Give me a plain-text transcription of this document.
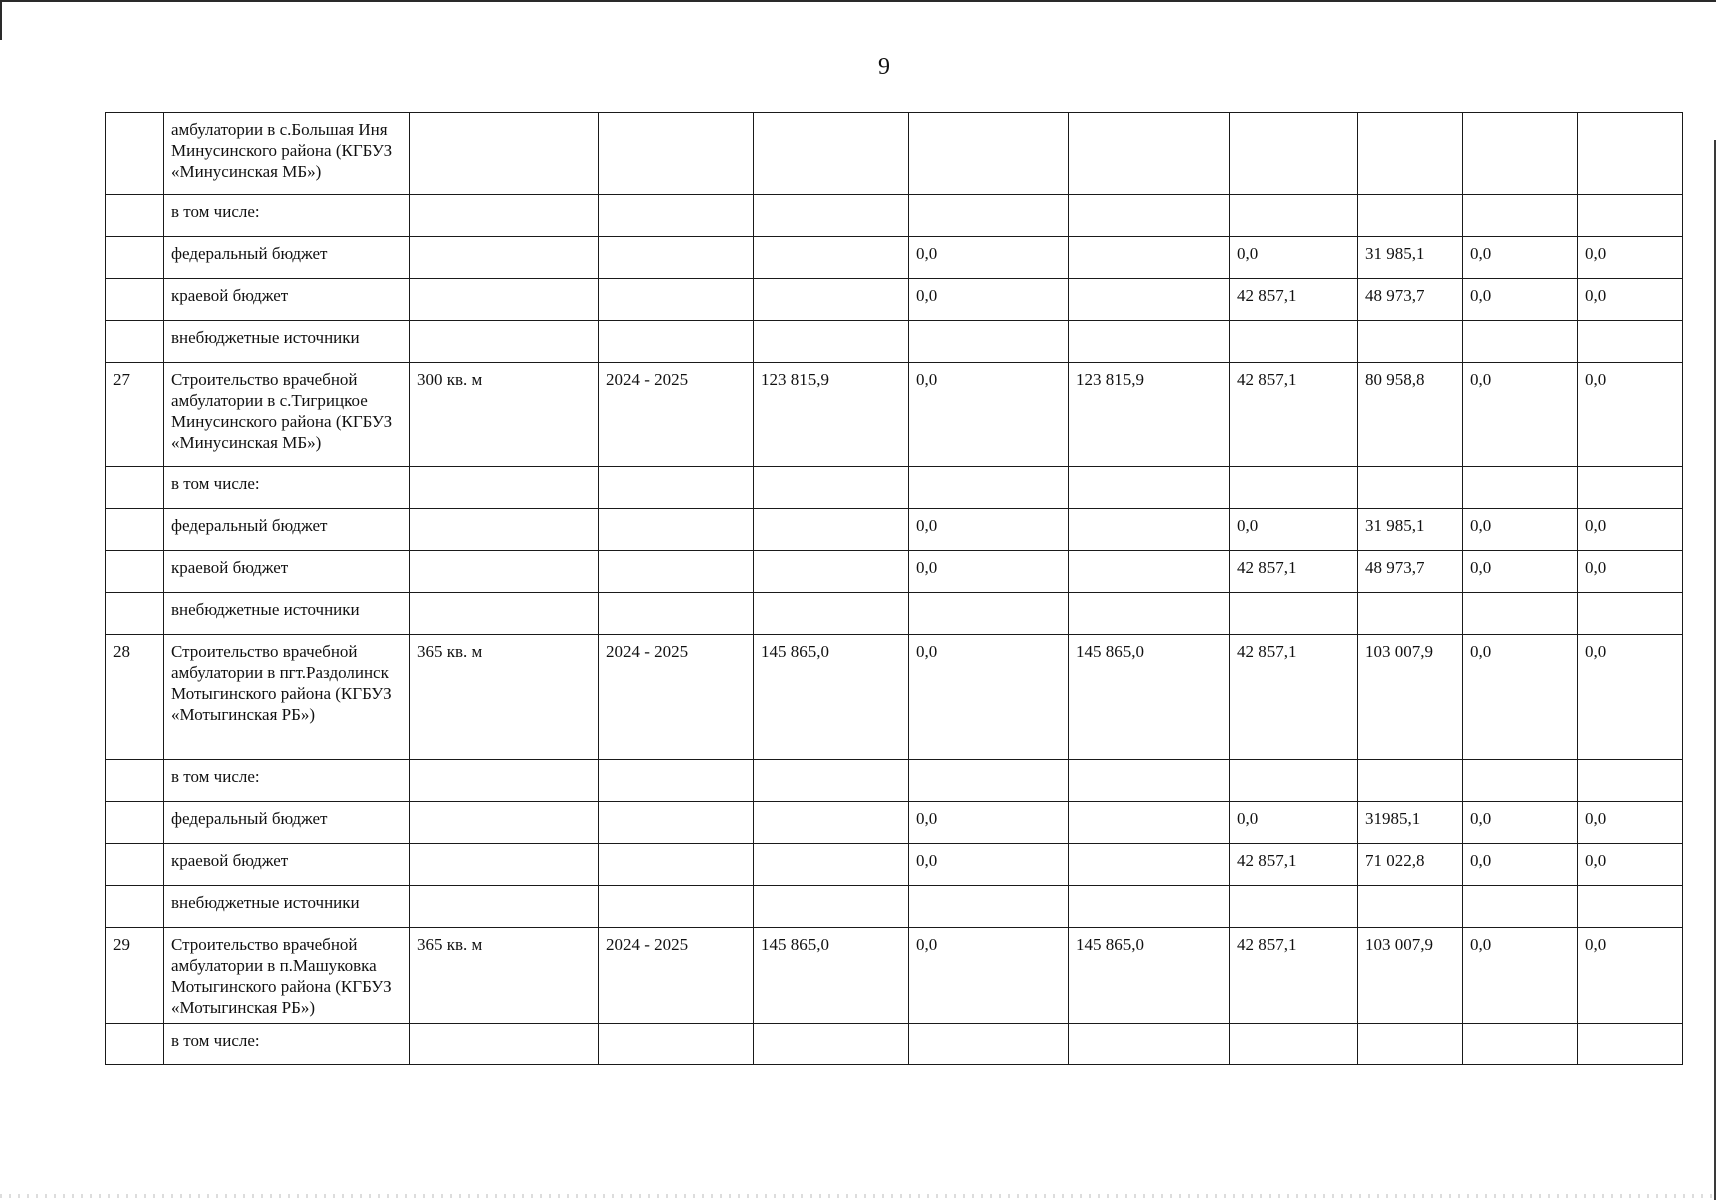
9
	амбулатории в с.Большая Иня Минусинского района (КГБУЗ «Минусинская МБ»)									
	в том числе:									
	федеральный бюджет				0,0		0,0	31 985,1	0,0	0,0
	краевой бюджет				0,0		42 857,1	48 973,7	0,0	0,0
	внебюджетные источники									
27	Строительство врачебной амбулатории в с.Тигрицкое Минусинского района (КГБУЗ «Минусинская МБ»)	300 кв. м	2024 - 2025	123 815,9	0,0	123 815,9	42 857,1	80 958,8	0,0	0,0
	в том числе:									
	федеральный бюджет				0,0		0,0	31 985,1	0,0	0,0
	краевой бюджет				0,0		42 857,1	48 973,7	0,0	0,0
	внебюджетные источники									
28	Строительство врачебной амбулатории в пгт.Раздолинск Мотыгинского района (КГБУЗ «Мотыгинская РБ»)	365 кв. м	2024 - 2025	145 865,0	0,0	145 865,0	42 857,1	103 007,9	0,0	0,0
	в том числе:									
	федеральный бюджет				0,0		0,0	31985,1	0,0	0,0
	краевой бюджет				0,0		42 857,1	71 022,8	0,0	0,0
	внебюджетные источники									
29	Строительство врачебной амбулатории в п.Машуковка Мотыгинского района (КГБУЗ «Мотыгинская РБ»)	365 кв. м	2024 - 2025	145 865,0	0,0	145 865,0	42 857,1	103 007,9	0,0	0,0
	в том числе:									
